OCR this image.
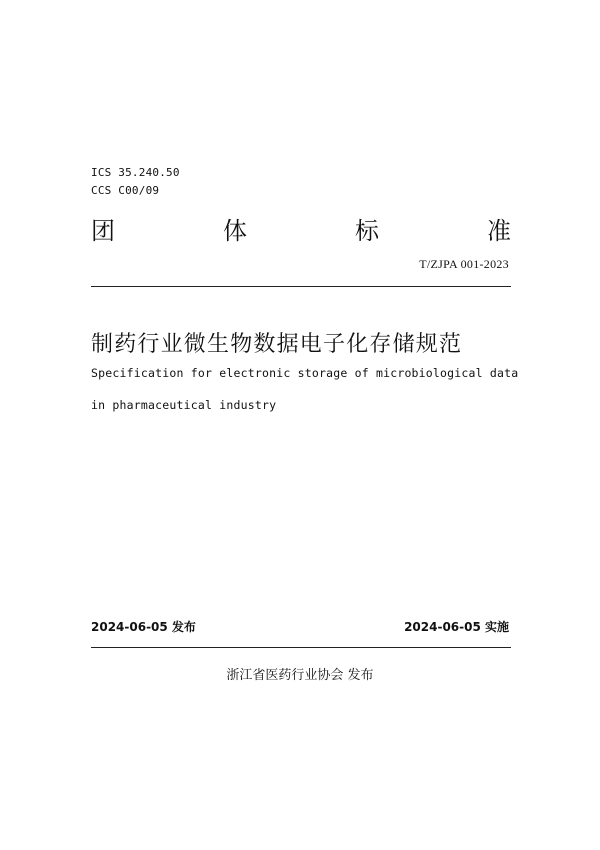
ICS 35.240.50
CCS C00/09
团	体	标	准
T/ZJPA 001-2023
制药行业微生物数据电子化存储规范
Specification for electronic storage of microbiological data
in pharmaceutical industry
2024-06-05 发布	2024-06-05 实施
浙江省医药行业协会 发布
